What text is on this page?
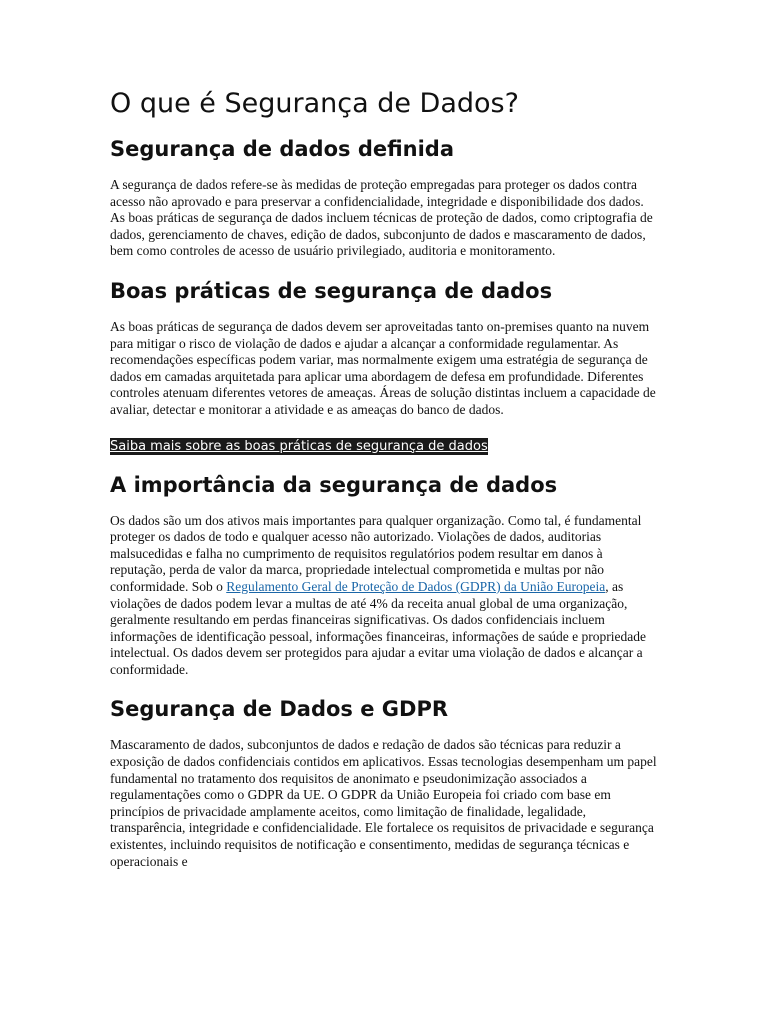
O que é Segurança de Dados?
Segurança de dados definida

A segurança de dados refere-se às medidas de proteção empregadas para proteger os dados contra acesso não aprovado e para preservar a confidencialidade, integridade e disponibilidade dos dados. As boas práticas de segurança de dados incluem técnicas de proteção de dados, como criptografia de dados, gerenciamento de chaves, edição de dados, subconjunto de dados e mascaramento de dados, bem como controles de acesso de usuário privilegiado, auditoria e monitoramento.

Boas práticas de segurança de dados

As boas práticas de segurança de dados devem ser aproveitadas tanto on-premises quanto na nuvem para mitigar o risco de violação de dados e ajudar a alcançar a conformidade regulamentar. As recomendações específicas podem variar, mas normalmente exigem uma estratégia de segurança de dados em camadas arquitetada para aplicar uma abordagem de defesa em profundidade. Diferentes controles atenuam diferentes vetores de ameaças. Áreas de solução distintas incluem a capacidade de avaliar, detectar e monitorar a atividade e as ameaças do banco de dados.

Saiba mais sobre as boas práticas de segurança de dados
A importância da segurança de dados

Os dados são um dos ativos mais importantes para qualquer organização. Como tal, é fundamental proteger os dados de todo e qualquer acesso não autorizado. Violações de dados, auditorias malsucedidas e falha no cumprimento de requisitos regulatórios podem resultar em danos à reputação, perda de valor da marca, propriedade intelectual comprometida e multas por não conformidade. Sob o Regulamento Geral de Proteção de Dados (GDPR) da União Europeia, as violações de dados podem levar a multas de até 4% da receita anual global de uma organização, geralmente resultando em perdas financeiras significativas. Os dados confidenciais incluem informações de identificação pessoal, informações financeiras, informações de saúde e propriedade intelectual. Os dados devem ser protegidos para ajudar a evitar uma violação de dados e alcançar a conformidade.

Segurança de Dados e GDPR

Mascaramento de dados, subconjuntos de dados e redação de dados são técnicas para reduzir a exposição de dados confidenciais contidos em aplicativos. Essas tecnologias desempenham um papel fundamental no tratamento dos requisitos de anonimato e pseudonimização associados a regulamentações como o GDPR da UE. O GDPR da União Europeia foi criado com base em princípios de privacidade amplamente aceitos, como limitação de finalidade, legalidade, transparência, integridade e confidencialidade. Ele fortalece os requisitos de privacidade e segurança existentes, incluindo requisitos de notificação e consentimento, medidas de segurança técnicas e operacionais e
